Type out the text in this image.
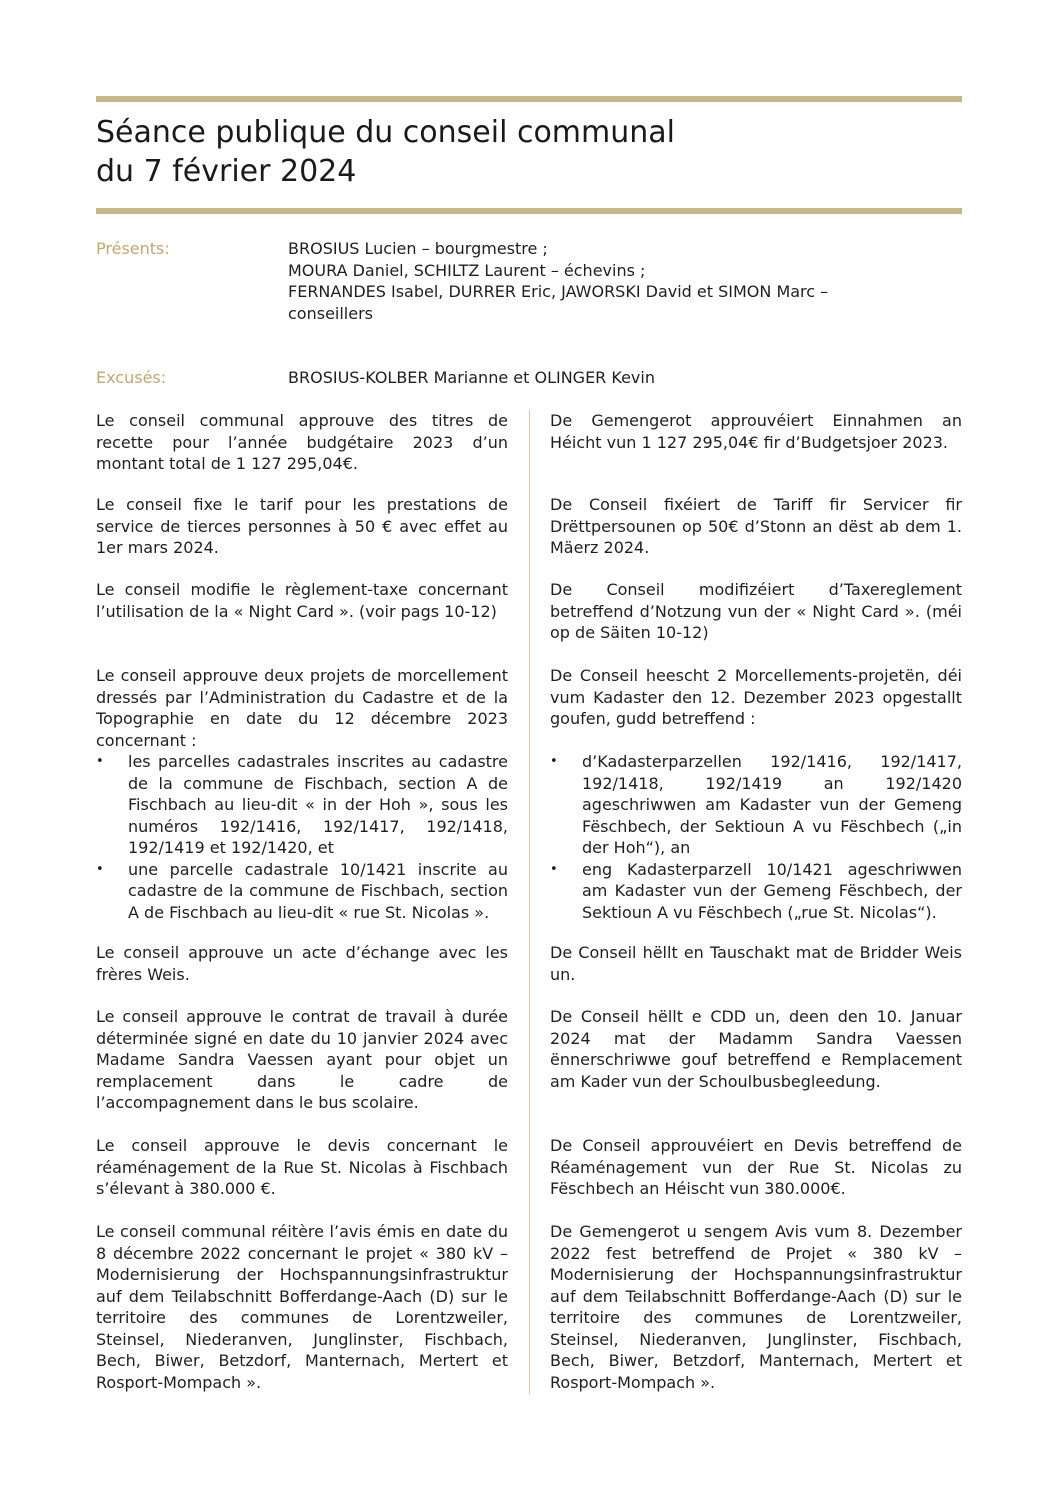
Séance publique du conseil communal
du 7 février 2024
Présents:	BROSIUS Lucien – bourgmestre ;
MOURA Daniel, SCHILTZ Laurent – échevins ;
FERNANDES Isabel, DURRER Eric, JAWORSKI David et SIMON Marc –
conseillers
Excusés:	BROSIUS-KOLBER Marianne et OLINGER Kevin

Le conseil communal approuve des titres de recette pour l’année budgétaire 2023 d’un montant total de 1 127 295,04€.

Le conseil fixe le tarif pour les prestations de service de tierces personnes à 50 € avec effet au 1er mars 2024.

Le conseil modifie le règlement-taxe concernant l’utilisation de la « Night Card ». (voir pags 10-12)

Le conseil approuve deux projets de morcellement dressés par l’Administration du Cadastre et de la Topographie en date du 12 décembre 2023 concernant :
• les parcelles cadastrales inscrites au cadastre de la commune de Fischbach, section A de Fischbach au lieu-dit « in der Hoh », sous les numéros 192/1416, 192/1417, 192/1418, 192/1419 et 192/1420, et
• une parcelle cadastrale 10/1421 inscrite au cadastre de la commune de Fischbach, section A de Fischbach au lieu-dit « rue St. Nicolas ».

Le conseil approuve un acte d’échange avec les frères Weis.

Le conseil approuve le contrat de travail à durée déterminée signé en date du 10 janvier 2024 avec Madame Sandra Vaessen ayant pour objet un remplacement dans le cadre de l’accompagnement dans le bus scolaire.

Le conseil approuve le devis concernant le réaménagement de la Rue St. Nicolas à Fischbach s’élevant à 380.000 €.

Le conseil communal réitère l’avis émis en date du 8 décembre 2022 concernant le projet « 380 kV – Modernisierung der Hochspannungsinfrastruktur auf dem Teilabschnitt Bofferdange-Aach (D) sur le territoire des communes de Lorentzweiler, Steinsel, Niederanven, Junglinster, Fischbach, Bech, Biwer, Betzdorf, Manternach, Mertert et Rosport-Mompach ».

De Gemengerot approuvéiert Einnahmen an Héicht vun 1 127 295,04€ fir d’Budgetsjoer 2023.

De Conseil fixéiert de Tariff fir Servicer fir Drëttpersounen op 50€ d’Stonn an dëst ab dem 1. Mäerz 2024.

De Conseil modifizéiert d’Taxereglement betreffend d’Notzung vun der « Night Card ». (méi op de Säiten 10-12)

De Conseil heescht 2 Morcellements-projetën, déi vum Kadaster den 12. Dezember 2023 opgestallt goufen, gudd betreffend :
• d’Kadasterparzellen 192/1416, 192/1417, 192/1418, 192/1419 an 192/1420 ageschriwwen am Kadaster vun der Gemeng Fëschbech, der Sektioun A vu Fëschbech („in der Hoh“), an
• eng Kadasterparzell 10/1421 ageschriwwen am Kadaster vun der Gemeng Fëschbech, der Sektioun A vu Fëschbech („rue St. Nicolas“).

De Conseil hëllt en Tauschakt mat de Bridder Weis un.

De Conseil hëllt e CDD un, deen den 10. Januar 2024 mat der Madamm Sandra Vaessen ënnerschriwwe gouf betreffend e Remplacement am Kader vun der Schoulbusbegleedung.

De Conseil approuvéiert en Devis betreffend de Réaménagement vun der Rue St. Nicolas zu Fëschbech an Héischt vun 380.000€.

De Gemengerot u sengem Avis vum 8. Dezember 2022 fest betreffend de Projet « 380 kV – Modernisierung der Hochspannungsinfrastruktur auf dem Teilabschnitt Bofferdange-Aach (D) sur le territoire des communes de Lorentzweiler, Steinsel, Niederanven, Junglinster, Fischbach, Bech, Biwer, Betzdorf, Manternach, Mertert et Rosport-Mompach ».
